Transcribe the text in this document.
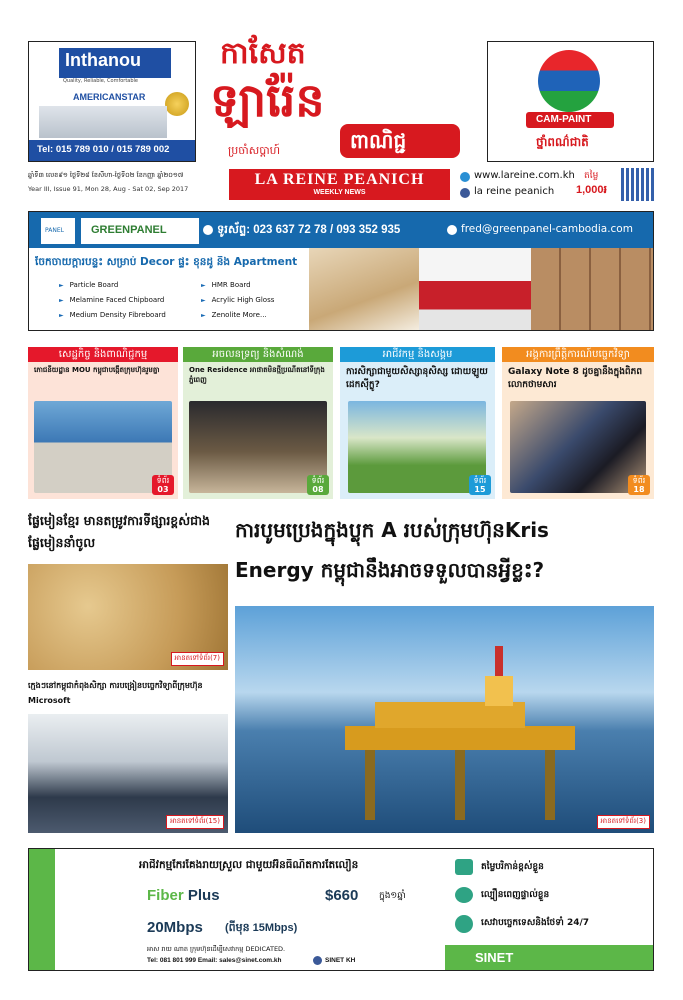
Inthanou
Quality, Reliable, Comfortable
AMERICANSTAR
Tel: 015 789 010 / 015 789 002
កាសែត
ឡារ៉ែន
ពាណិជ្ជ
ប្រចាំសប្តាហ៍
CAM-PAINT
ថ្នាំពណ៌ជាតិ
ឆ្នាំទី៣ លេខ៩១ ថ្ងៃទី២៨ ខែសីហា-ថ្ងៃទី០២ ខែកញ្ញា ឆ្នាំ២០១៧
Year III, Issue 91, Mon 28, Aug - Sat 02, Sep 2017
LA REINE PEANICH
WEEKLY NEWS
www.lareine.com.kh
la reine peanich
តម្លៃ
1,000៛
PANEL GREENPANEL	ទូរស័ព្ទ: 023 637 72 78 / 093 352 935	fred@greenpanel-cambodia.com
ចែកចាយក្តារបន្ទះ សម្រាប់ Decor ផ្ទះ ខុនដូ និង Apartment
► Particle Board
► Melamine Faced Chipboard
► Medium Density Fibreboard
► HMR Board
► Acrylic High Gloss
► Zenolite More...
សេដ្ឋកិច្ច និងពាណិជ្ជកម្ម
ភោជនីយដ្ឋាន MOU កម្ពុជាបង្កើតក្រុមហ៊ុនរួមគ្នា
ទំព័រ
03
អចលនទ្រព្យ និងសំណង់
One Residence អាផាតមិនថ្មីប្រណីតនៅទីក្រុងភ្នំពេញ
ទំព័រ
08
អាជីវកម្ម និងសង្គម
ការសិក្សាជាមួយសិស្សានុសិស្ស ដោយឡូយដេកស៊ីក្លូ?
ទំព័រ
15
អង្គការព្រឹត្តិការណ៍បច្ចេកវិទ្យា
Galaxy Note 8 ដូចគ្នានឹងក្នុងពិភពលោកថាមសារ
ទំព័រ
18
ផ្លែមៀនខ្មែរ មានតម្រូវការទីផ្សារខ្ពស់ជាងផ្លែមៀននាំចូល
អានតទៅទំព័រ(7)
ក្មេងៗនៅកម្ពុជាកំពុងសិក្សា ការបង្រៀនបច្ចេកវិទ្យាពីក្រុមហ៊ុន Microsoft
អានតទៅទំព័រ(15)
ការបូមប្រេងក្នុងប្លុក A របស់ក្រុមហ៊ុនKris
Energy កម្ពុជានឹងអាចទទួលបានអ្វីខ្លះ?
អានតទៅទំព័រ(3)
អាជីវកម្មកែរគែងរាយស្រួល ជាមួយអ៊ីនធឺណិតការតែលឿន
Fiber Plus	$660 ក្នុង១ឆ្នាំ
20Mbps (ពីមុន 15Mbps)
អាស រាយ ណាត ក្រុមហ៊ុនដើម្បីសេវាកម្ម DEDICATED.
Tel: 081 801 999 Email: sales@sinet.com.kh	SINET KH
តម្លៃបរិកាន់ខ្ពស់ខ្លួន
ល្បឿនពេញផ្ទាល់ខ្លួន
សេវាបច្ចេកទេសនិងថែទាំ 24/7
SINET
